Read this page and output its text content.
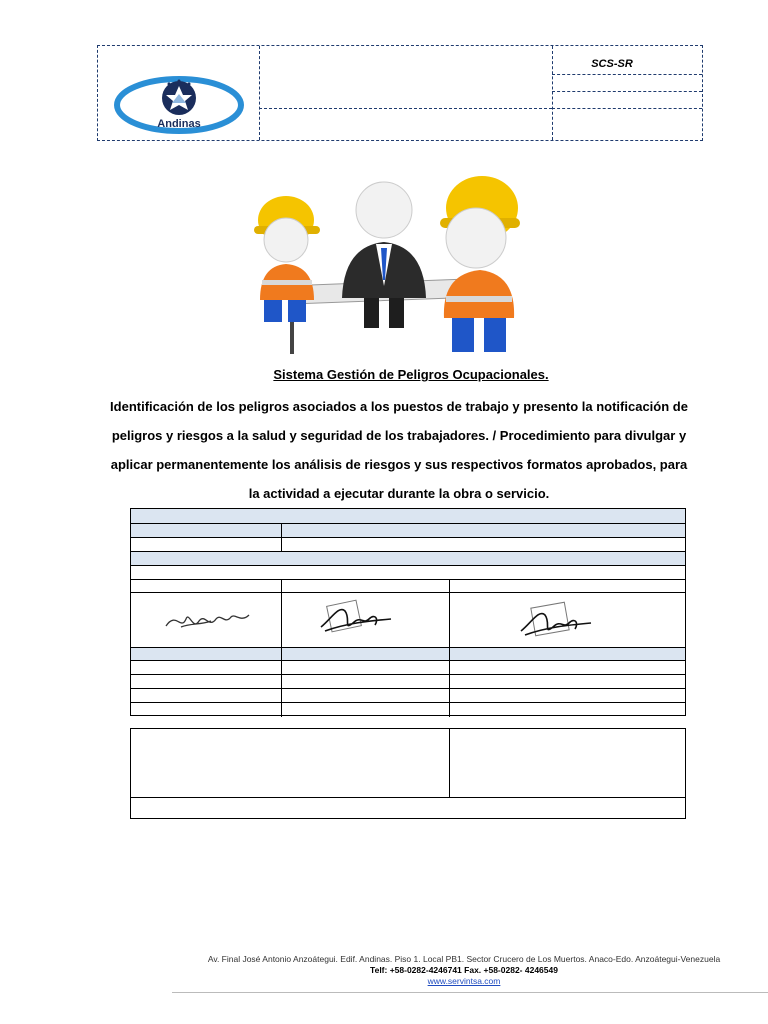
Andinas
SCS-SR
Sistema Gestión de Peligros Ocupacionales.
Identificación de los peligros asociados a los puestos de trabajo y presento la notificación de peligros y riesgos a la salud y seguridad de los trabajadores. / Procedimiento para divulgar y aplicar permanentemente los análisis de riesgos y sus respectivos formatos aprobados, para la actividad a ejecutar durante la obra o servicio.
Av. Final José Antonio Anzoátegui. Edif. Andinas. Piso 1. Local PB1. Sector Crucero de Los Muertos. Anaco-Edo. Anzoátegui-Venezuela
Telf: +58-0282-4246741 Fax. +58-0282- 4246549
www.servintsa.com
